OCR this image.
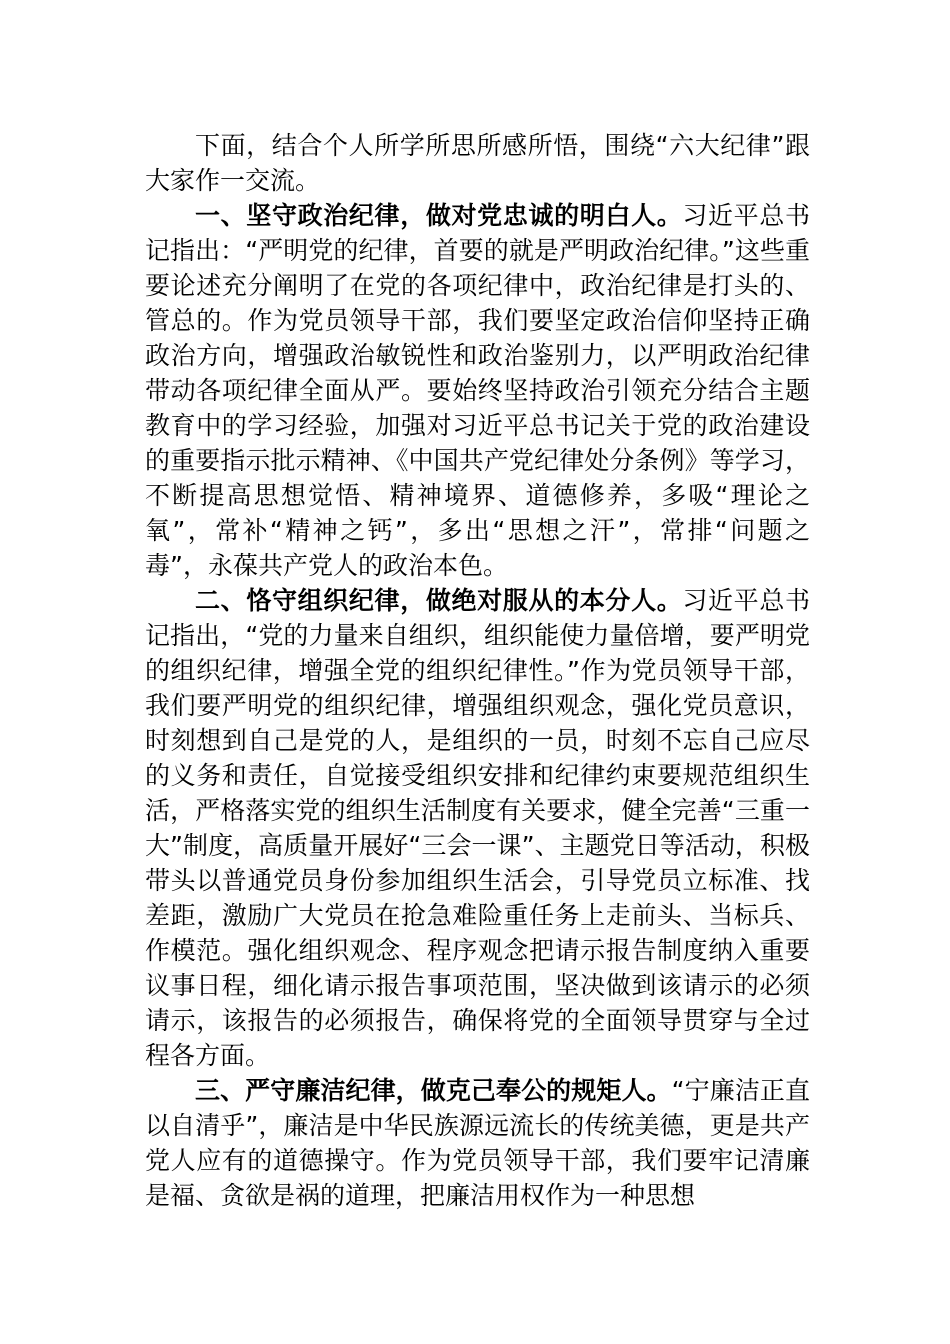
下面，结合个人所学所思所感所悟，围绕“六大纪律”跟大家作一交流。

一、坚守政治纪律，做对党忠诚的明白人。习近平总书记指出：“严明党的纪律，首要的就是严明政治纪律。”这些重要论述充分阐明了在党的各项纪律中，政治纪律是打头的、管总的。作为党员领导干部，我们要坚定政治信仰坚持正确政治方向，增强政治敏锐性和政治鉴别力，以严明政治纪律带动各项纪律全面从严。要始终坚持政治引领充分结合主题教育中的学习经验，加强对习近平总书记关于党的政治建设的重要指示批示精神、《中国共产党纪律处分条例》等学习，不断提高思想觉悟、精神境界、道德修养，多吸“理论之氧”，常补“精神之钙”，多出“思想之汗”，常排“问题之毒”，永葆共产党人的政治本色。

二、恪守组织纪律，做绝对服从的本分人。习近平总书记指出，“党的力量来自组织，组织能使力量倍增，要严明党的组织纪律，增强全党的组织纪律性。”作为党员领导干部，我们要严明党的组织纪律，增强组织观念，强化党员意识，时刻想到自己是党的人，是组织的一员，时刻不忘自己应尽的义务和责任，自觉接受组织安排和纪律约束要规范组织生活，严格落实党的组织生活制度有关要求，健全完善“三重一大”制度，高质量开展好“三会一课”、主题党日等活动，积极带头以普通党员身份参加组织生活会，引导党员立标准、找差距，激励广大党员在抢急难险重任务上走前头、当标兵、作模范。强化组织观念、程序观念把请示报告制度纳入重要议事日程，细化请示报告事项范围，坚决做到该请示的必须请示，该报告的必须报告，确保将党的全面领导贯穿与全过程各方面。

三、严守廉洁纪律，做克己奉公的规矩人。“宁廉洁正直以自清乎”，廉洁是中华民族源远流长的传统美德，更是共产党人应有的道德操守。作为党员领导干部，我们要牢记清廉是福、贪欲是祸的道理，把廉洁用权作为一种思想
